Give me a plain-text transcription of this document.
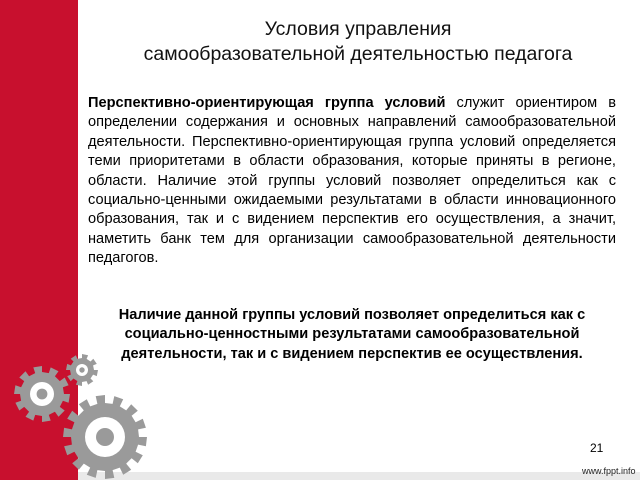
Условия управления
самообразовательной деятельностью педагога
Перспективно-ориентирующая группа условий служит ориентиром в определении содержания и основных направлений самообразовательной деятельности. Перспективно-ориентирующая группа условий определяется теми приоритетами в области образования, которые приняты в регионе, области. Наличие этой группы условий позволяет определиться как с социально-ценными ожидаемыми результатами в области инновационного образования, так и с видением перспектив его осуществления, а значит, наметить банк тем для организации самообразовательной деятельности педагогов.
Наличие данной группы условий позволяет определиться как с социально-ценностными результатами самообразовательной деятельности, так и с видением перспектив ее осуществления.
21
www.fppt.info
